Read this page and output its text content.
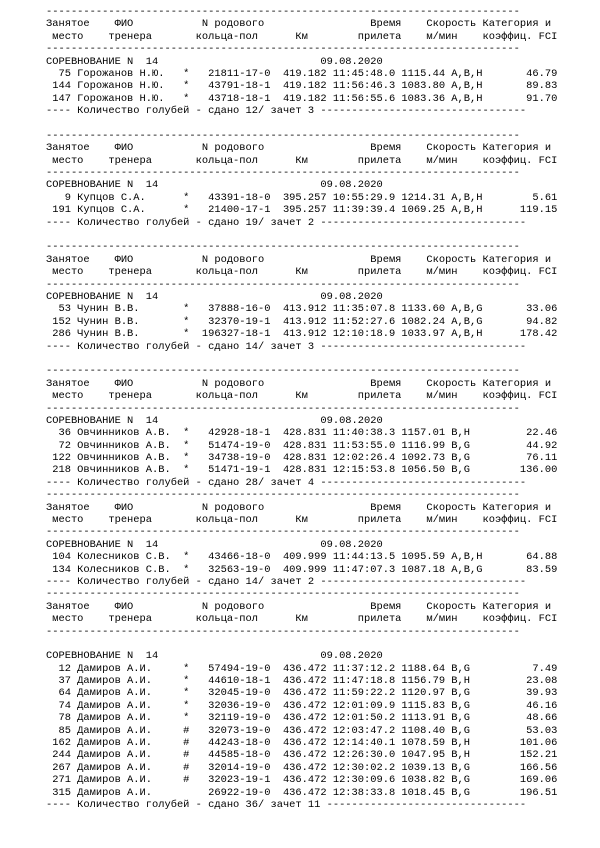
----------------------------------------------------------------------------
Занятое    ФИО           N родового                 Время    Скорость Категория и
место    тренера       кольца-пол      Км        прилета    м/мин    коэффиц. FCI
----------------------------------------------------------------------------
СОРЕВНОВАНИЕ N  14                          09.08.2020
75 Горожанов Н.Ю.   *   21811-17-0  419.182 11:45:48.0 1115.44 A,B,H       46.79
144 Горожанов Н.Ю.   *   43791-18-1  419.182 11:56:46.3 1083.80 A,B,H       89.83
147 Горожанов Н.Ю.   *   43718-18-1  419.182 11:56:55.6 1083.36 A,B,H       91.70
---- Количество голубей - сдано 12/ зачет 3 ---------------------------------

----------------------------------------------------------------------------
Занятое    ФИО           N родового                 Время    Скорость Категория и
место    тренера       кольца-пол      Км        прилета    м/мин    коэффиц. FCI
----------------------------------------------------------------------------
СОРЕВНОВАНИЕ N  14                          09.08.2020
9 Купцов С.А.      *   43391-18-0  395.257 10:55:29.9 1214.31 A,B,H        5.61
191 Купцов С.А.      *   21400-17-1  395.257 11:39:39.4 1069.25 A,B,H      119.15
---- Количество голубей - сдано 19/ зачет 2 ---------------------------------

----------------------------------------------------------------------------
Занятое    ФИО           N родового                 Время    Скорость Категория и
место    тренера       кольца-пол      Км        прилета    м/мин    коэффиц. FCI
----------------------------------------------------------------------------
СОРЕВНОВАНИЕ N  14                          09.08.2020
53 Чунин В.В.       *   37888-16-0  413.912 11:35:07.8 1133.60 A,B,G       33.06
152 Чунин В.В.       *   32370-19-1  413.912 11:52:27.6 1082.24 A,B,G       94.82
286 Чунин В.В.       *  196327-18-1  413.912 12:10:18.9 1033.97 A,B,H      178.42
---- Количество голубей - сдано 14/ зачет 3 ---------------------------------

----------------------------------------------------------------------------
Занятое    ФИО           N родового                 Время    Скорость Категория и
место    тренера       кольца-пол      Км        прилета    м/мин    коэффиц. FCI
----------------------------------------------------------------------------
СОРЕВНОВАНИЕ N  14                          09.08.2020
36 Овчинников А.В.  *   42928-18-1  428.831 11:40:38.3 1157.01 B,H         22.46
72 Овчинников А.В.  *   51474-19-0  428.831 11:53:55.0 1116.99 B,G         44.92
122 Овчинников А.В.  *   34738-19-0  428.831 12:02:26.4 1092.73 B,G         76.11
218 Овчинников А.В.  *   51471-19-1  428.831 12:15:53.8 1056.50 B,G        136.00
---- Количество голубей - сдано 28/ зачет 4 ---------------------------------
----------------------------------------------------------------------------
Занятое    ФИО           N родового                 Время    Скорость Категория и
место    тренера       кольца-пол      Км        прилета    м/мин    коэффиц. FCI
----------------------------------------------------------------------------
СОРЕВНОВАНИЕ N  14                          09.08.2020
104 Колесников С.В.  *   43466-18-0  409.999 11:44:13.5 1095.59 A,B,H       64.88
134 Колесников С.В.  *   32563-19-0  409.999 11:47:07.3 1087.18 A,B,G       83.59
---- Количество голубей - сдано 14/ зачет 2 ---------------------------------
----------------------------------------------------------------------------
Занятое    ФИО           N родового                 Время    Скорость Категория и
место    тренера       кольца-пол      Км        прилета    м/мин    коэффиц. FCI
----------------------------------------------------------------------------

СОРЕВНОВАНИЕ N  14                          09.08.2020
12 Дамиров А.И.     *   57494-19-0  436.472 11:37:12.2 1188.64 B,G          7.49
37 Дамиров А.И.     *   44610-18-1  436.472 11:47:18.8 1156.79 B,H         23.08
64 Дамиров А.И.     *   32045-19-0  436.472 11:59:22.2 1120.97 B,G         39.93
74 Дамиров А.И.     *   32036-19-0  436.472 12:01:09.9 1115.83 B,G         46.16
78 Дамиров А.И.     *   32119-19-0  436.472 12:01:50.2 1113.91 B,G         48.66
85 Дамиров А.И.     #   32073-19-0  436.472 12:03:47.2 1108.40 B,G         53.03
162 Дамиров А.И.     #   44243-18-0  436.472 12:14:40.1 1078.59 B,H        101.06
244 Дамиров А.И.     #   44585-18-0  436.472 12:26:30.0 1047.95 B,H        152.21
267 Дамиров А.И.     #   32014-19-0  436.472 12:30:02.2 1039.13 B,G        166.56
271 Дамиров А.И.     #   32023-19-1  436.472 12:30:09.6 1038.82 B,G        169.06
315 Дамиров А.И.         26922-19-0  436.472 12:38:33.8 1018.45 B,G        196.51
---- Количество голубей - сдано 36/ зачет 11 --------------------------------
